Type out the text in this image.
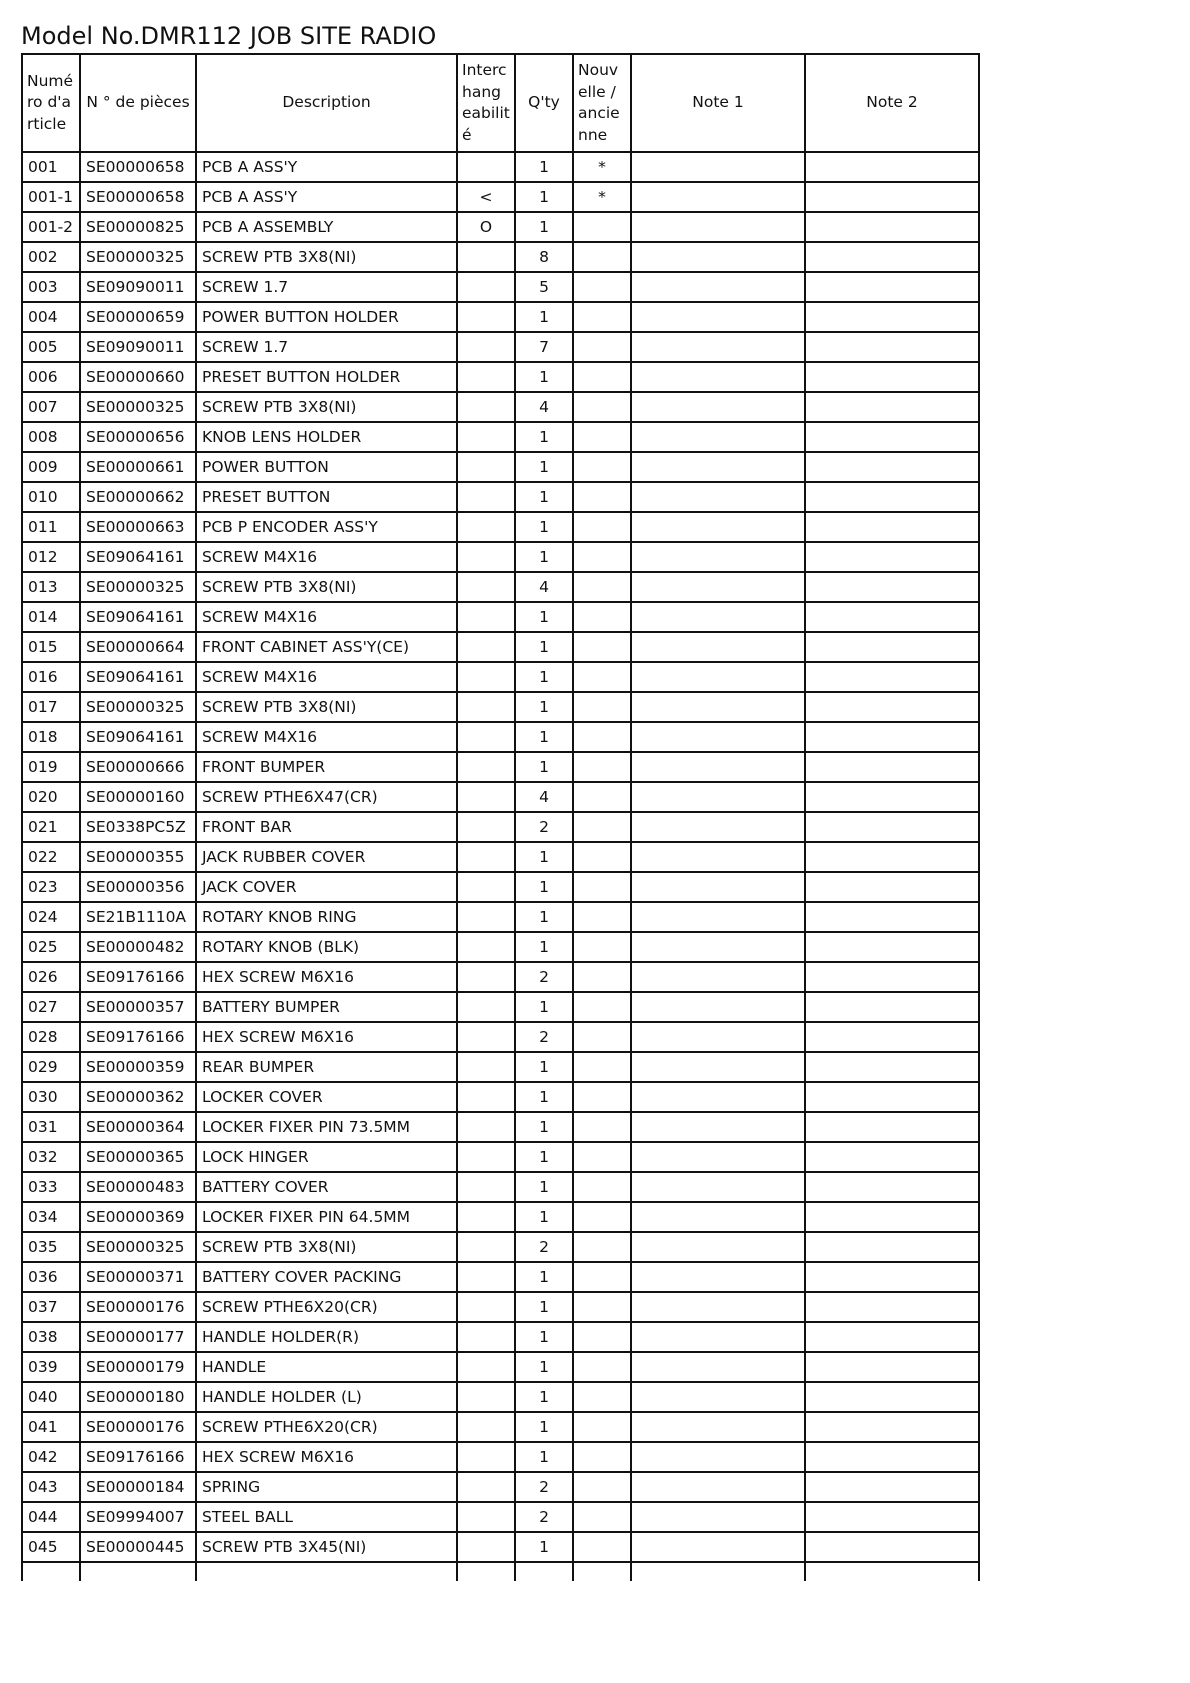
Model No.DMR112 JOB SITE RADIO
Numéro d'article	N ° de pièces	Description	Interchangeabilité	Q'ty	Nouvelle / ancienne	Note 1	Note 2
001	SE00000658	PCB A ASS'Y		1	*		
001-1	SE00000658	PCB A ASS'Y	<	1	*		
001-2	SE00000825	PCB A ASSEMBLY	O	1			
002	SE00000325	SCREW PTB 3X8(NI)		8			
003	SE09090011	SCREW 1.7		5			
004	SE00000659	POWER BUTTON HOLDER		1			
005	SE09090011	SCREW 1.7		7			
006	SE00000660	PRESET BUTTON HOLDER		1			
007	SE00000325	SCREW PTB 3X8(NI)		4			
008	SE00000656	KNOB LENS HOLDER		1			
009	SE00000661	POWER BUTTON		1			
010	SE00000662	PRESET BUTTON		1			
011	SE00000663	PCB P ENCODER ASS'Y		1			
012	SE09064161	SCREW M4X16		1			
013	SE00000325	SCREW PTB 3X8(NI)		4			
014	SE09064161	SCREW M4X16		1			
015	SE00000664	FRONT CABINET ASS'Y(CE)		1			
016	SE09064161	SCREW M4X16		1			
017	SE00000325	SCREW PTB 3X8(NI)		1			
018	SE09064161	SCREW M4X16		1			
019	SE00000666	FRONT BUMPER		1			
020	SE00000160	SCREW PTHE6X47(CR)		4			
021	SE0338PC5Z	FRONT BAR		2			
022	SE00000355	JACK RUBBER COVER		1			
023	SE00000356	JACK COVER		1			
024	SE21B1110A	ROTARY KNOB RING		1			
025	SE00000482	ROTARY KNOB (BLK)		1			
026	SE09176166	HEX SCREW M6X16		2			
027	SE00000357	BATTERY BUMPER		1			
028	SE09176166	HEX SCREW M6X16		2			
029	SE00000359	REAR BUMPER		1			
030	SE00000362	LOCKER COVER		1			
031	SE00000364	LOCKER FIXER PIN 73.5MM		1			
032	SE00000365	LOCK HINGER		1			
033	SE00000483	BATTERY COVER		1			
034	SE00000369	LOCKER FIXER PIN 64.5MM		1			
035	SE00000325	SCREW PTB 3X8(NI)		2			
036	SE00000371	BATTERY COVER PACKING		1			
037	SE00000176	SCREW PTHE6X20(CR)		1			
038	SE00000177	HANDLE HOLDER(R)		1			
039	SE00000179	HANDLE		1			
040	SE00000180	HANDLE HOLDER (L)		1			
041	SE00000176	SCREW PTHE6X20(CR)		1			
042	SE09176166	HEX SCREW M6X16		1			
043	SE00000184	SPRING		2			
044	SE09994007	STEEL BALL		2			
045	SE00000445	SCREW PTB 3X45(NI)		1			
